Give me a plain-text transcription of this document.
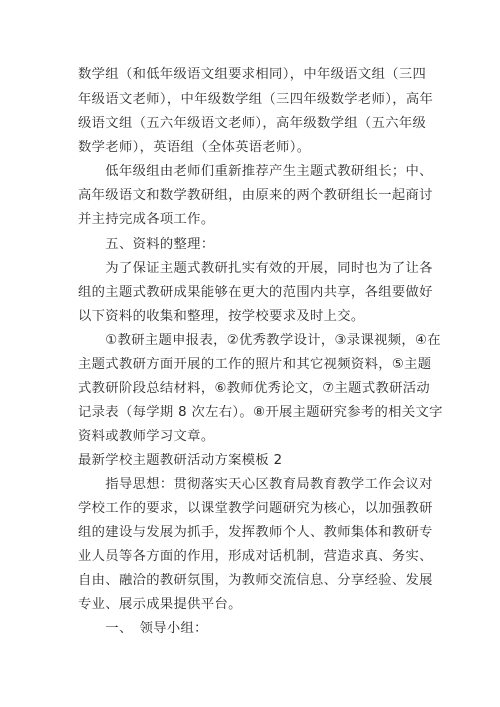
数学组（和低年级语文组要求相同），中年级语文组（三四
年级语文老师），中年级数学组（三四年级数学老师），高年
级语文组（五六年级语文老师），高年级数学组（五六年级
数学老师），英语组（全体英语老师）。
　　低年级组由老师们重新推荐产生主题式教研组长；中、
高年级语文和数学教研组，由原来的两个教研组长一起商讨
并主持完成各项工作。
　　五、资料的整理：
　　为了保证主题式教研扎实有效的开展，同时也为了让各
组的主题式教研成果能够在更大的范围内共享，各组要做好
以下资料的收集和整理，按学校要求及时上交。
　　①教研主题申报表，②优秀教学设计，③录课视频，④在
主题式教研方面开展的工作的照片和其它视频资料，⑤主题
式教研阶段总结材料，⑥教师优秀论文，⑦主题式教研活动
记录表（每学期 8 次左右）。⑧开展主题研究参考的相关文字
资料或教师学习文章。
最新学校主题教研活动方案模板 2
　　指导思想：贯彻落实天心区教育局教育教学工作会议对
学校工作的要求，以课堂教学问题研究为核心，以加强教研
组的建设与发展为抓手，发挥教师个人、教师集体和教研专
业人员等各方面的作用，形成对话机制，营造求真、务实、
自由、融洽的教研氛围，为教师交流信息、分享经验、发展
专业、展示成果提供平台。
　　一、　领导小组：
